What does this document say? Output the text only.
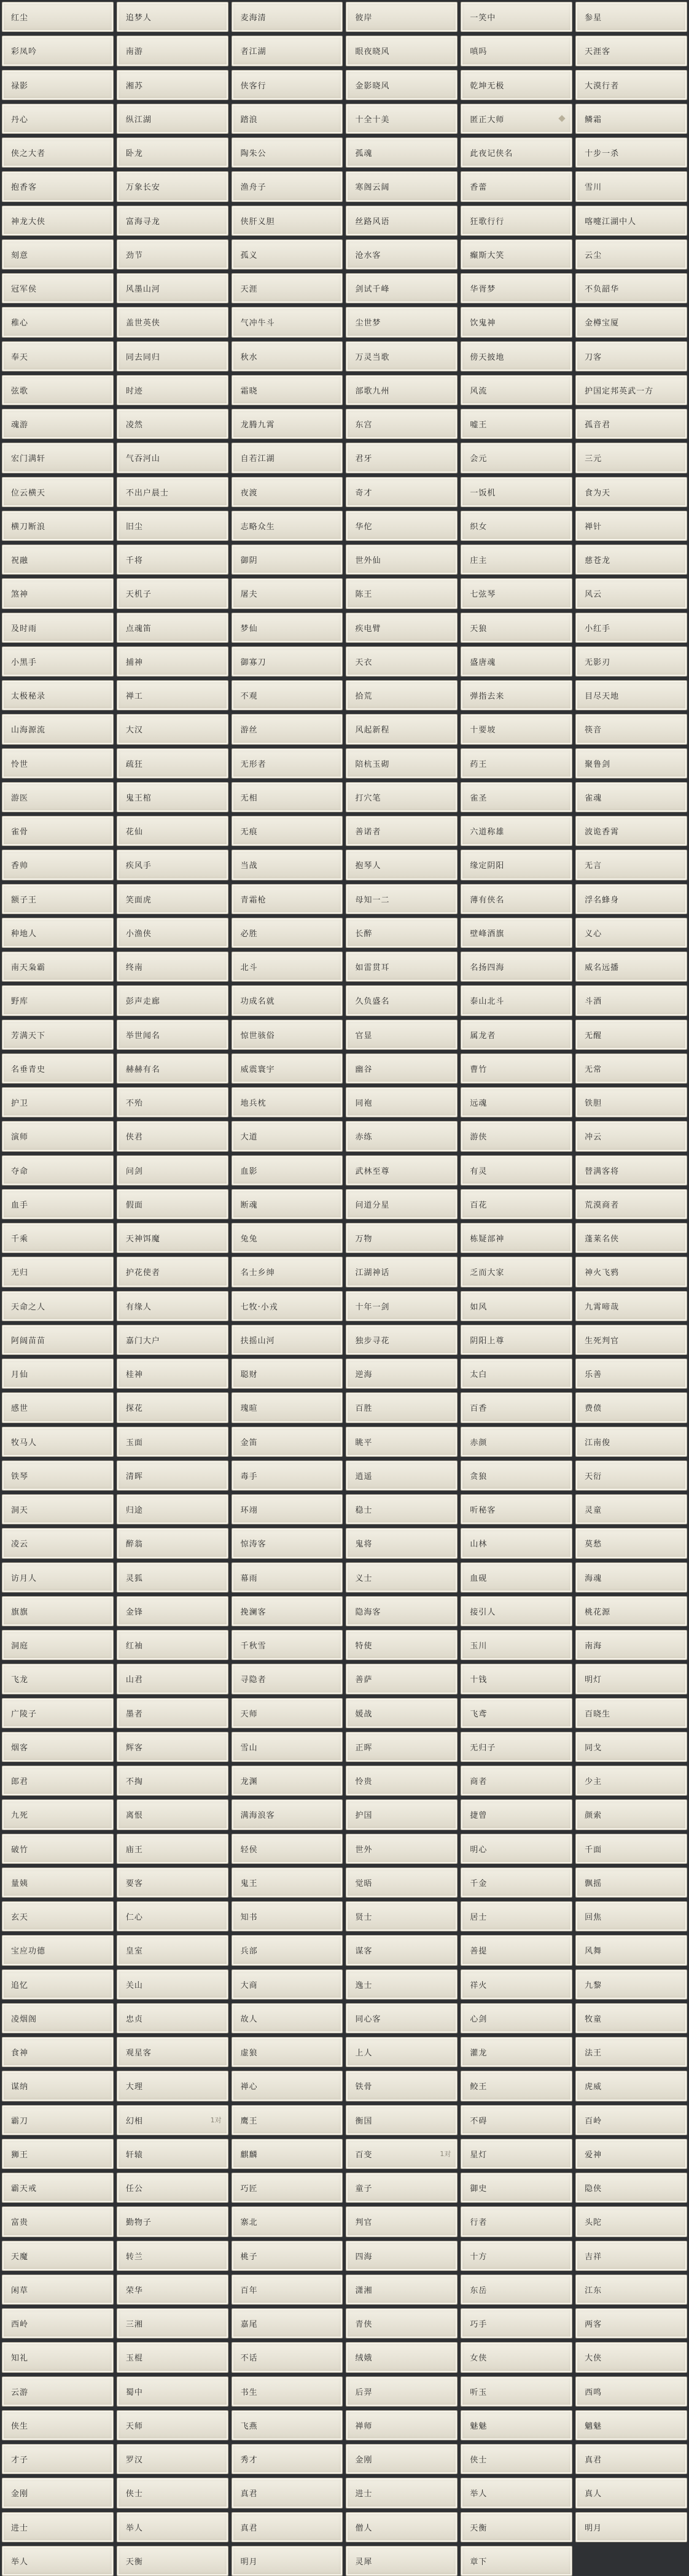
红尘	追梦人	麦海清	彼岸	一笑中	参星
彩凤吟	南游	者江湖	眼夜晓风	嗔吗	天涯客
禄影	湘苏	侠客行	金影晓风	乾坤无极	大漠行者
丹心	纵江湖	踏浪	十全十美	匿正大师	鳞霜
侠之大者	卧龙	陶朱公	孤魂	此夜记侠名	十步一杀
抱香客	万象长安	渔舟子	寒阁云阔	香蕾	雪川
神龙大侠	富海寻龙	侠肝义胆	丝路风语	狂歌行行	喀嚏江湖中人
刻意	劲节	孤义	沧水客	癫斯大笑	云尘
冠军侯	风墨山河	天涯	剑试千峰	华胥梦	不负韶华
稚心	盖世英侠	气冲牛斗	尘世梦	饮鬼神	金樽宝厦
奉天	同去同归	秋水	万灵当歌	傍天披地	刀客
弦歌	时迹	霜晓	部歌九州	风流	护国定邦英武一方
魂游	凌然	龙腾九霄	东宫	嘘王	孤音君
宏门满轩	气吞河山	自若江湖	君牙	会元	三元
位云横天	不出户晨士	夜渡	奇才	一饭机	食为天
横刀断浪	旧尘	志略众生	华佗	织女	禅针
祝融	千将	御阴	世外仙	庄主	慈苍龙
煞神	天机子	屠夫	陈王	七弦琴	风云
及时雨	点魂笛	梦仙	疾电臂	天狼	小红手
小黑手	捕神	御寡刀	天衣	盛唐魂	无影刃
太极秘录	禅工	不观	拾荒	弹指去来	目尽天地
山海源流	大汉	游丝	风起新程	十要坡	筷音
怜世	疏狂	无形者	陪杭玉砌	药王	聚鲁剑
游医	鬼王棺	无相	打穴笔	雀圣	雀魂
雀骨	花仙	无痕	善诺者	六道称雄	波诡香霄
香帅	疾风手	当战	抱琴人	缘定阴阳	无言
额子王	笑面虎	青霜枪	母知一二	薄有侠名	浮名蜂身
种地人	小渔侠	必胜	长醉	壁峰酒旗	义心
南天枭霸	终南	北斗	如雷贯耳	名扬四海	威名远播
野库	彭声走廊	功成名就	久负盛名	泰山北斗	斗酒
芳满天下	举世闻名	惊世骇俗	官显	属龙者	无醒
名垂青史	赫赫有名	威震寰宇	幽谷	曹竹	无常
护卫	不殆	地兵枕	同袍	远魂	铁胆
演师	侠君	大道	赤练	游侠	冲云
夺命	问剑	血影	武林至尊	有灵	替满客将
血手	假面	断魂	问道分星	百花	荒漠商者
千乘	天神饵魔	兔兔	万物	栋疑部神	蓬莱名侠
无归	护花使者	名士乡绅	江湖神话	乏而大家	神火飞鸦
天命之人	有缘人	七牧·小戎	十年一剑	如风	九霄啼哉
阿阔苗苗	嘉门大户	扶摇山河	独步寻花	阴阳上尊	生死判官
月仙	桂神	聪财	逆海	太白	乐善
感世	探花	瑰暄	百胜	百香	费偾
牧马人	玉面	金笛	眺平	赤颜	江南俊
铁琴	清晖	毒手	逍遥	贪狼	天衍
洞天	归途	环翊	稳士	听秘客	灵童
凌云	醉翁	惊涛客	鬼将	山林	莫愁
访月人	灵狐	幕雨	义士	血砚	海魂
旗旗	金锋	挽澜客	隐海客	接引人	桃花源
洞庭	红袖	千秋雪	特使	玉川	南海
飞龙	山君	寻隐者	善萨	十钱	明灯
广陵子	墨者	天师	媛战	飞鸢	百晓生
烟客	辉客	雪山	正晖	无归子	同戈
郎君	不掏	龙渊	怜贵	商者	少主
九死	离恨	满海浪客	护国	捷曾	颜索
破竹	庙王	轻侯	世外	明心	千面
量姨	要客	鬼王	觉晤	千金	飘摇
玄天	仁心	知书	贤士	居士	回焦
宝应功德	皇室	兵部	谋客	善提	风舞
追忆	关山	大商	逸士	祥火	九黎
凌烟阁	忠贞	故人	同心客	心剑	牧童
食神	观星客	虚狼	上人	灌龙	法王
谋纳	大理	禅心	铁骨	鲛王	虎威
霸刀	幻相	1对 鹰王	衡国	不碍	百岭
狮王	轩辕	麒麟	百变	1对 星灯	爱神
霸天戒	任公	巧匠	童子	御史	隐侠
富贵	勤物子	寨北	判官	行者	头陀
天魔	转兰	桃子	四海	十方	吉祥
闲草	荣华	百年	潇湘	东岳	江东
西岭	三湘	嘉尾	青侠	巧手	两客
知礼	玉棍	不话	绒娥	女侠	大侠
云游	蜀中	书生	后羿	听玉	西鸣
侠生	天师	飞燕	禅师	魅魅	魑魅
才子	罗汉	秀才	金刚	侠士	真君
金刚	侠士	真君	进士	举人	真人
进士	举人	真君	僧人	天衡	明月
举人	天衡	明月	灵犀	章下
